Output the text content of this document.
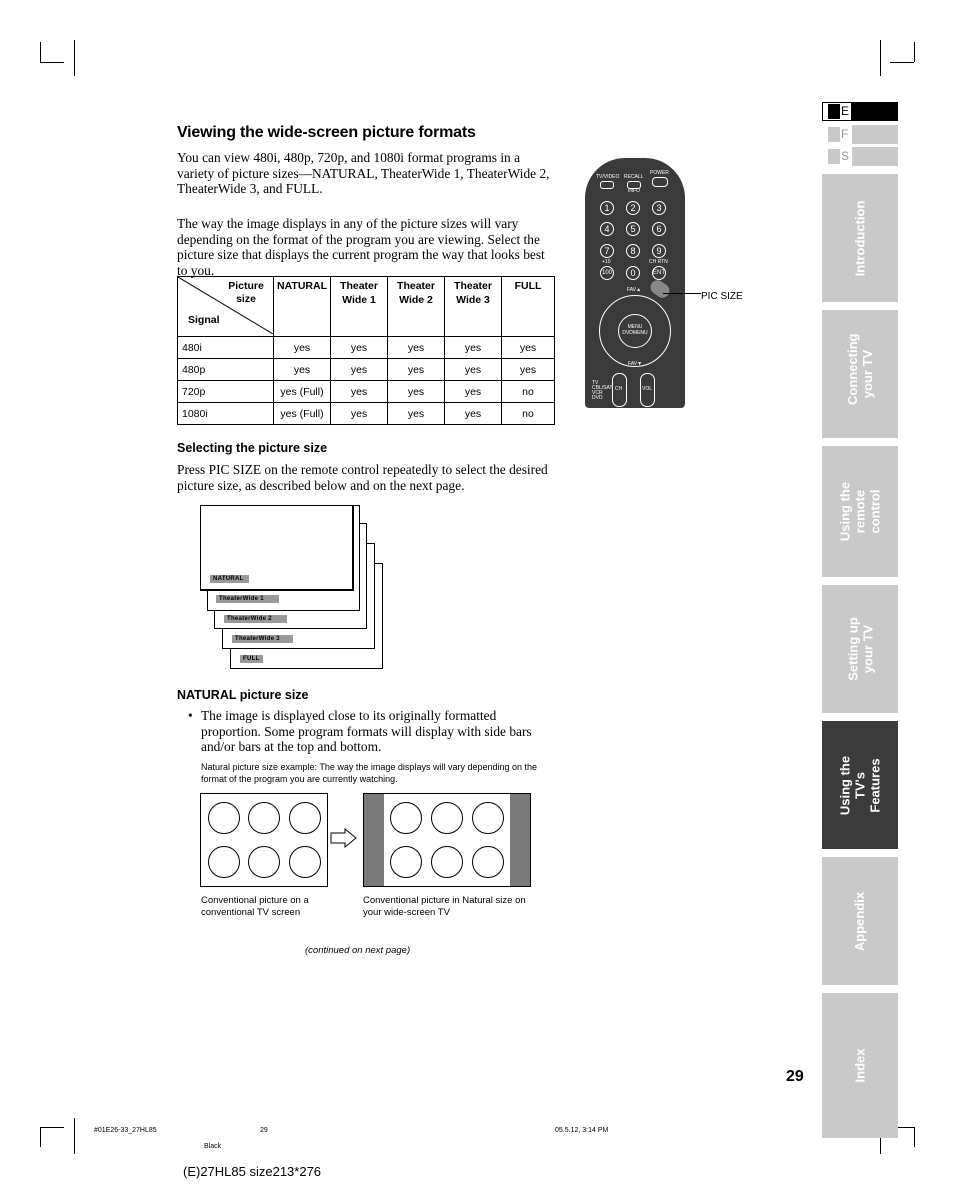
Viewing the wide-screen picture formats
You can view 480i, 480p, 720p, and 1080i format programs in a variety of picture sizes—NATURAL, TheaterWide 1, TheaterWide 2, TheaterWide 3, and FULL.
The way the image displays in any of the picture sizes will vary depending on the format of the program you are viewing. Select the picture size that displays the current program the way that looks best to you.
Picture size
Signal	NATURAL	Theater Wide 1	Theater Wide 2	Theater Wide 3	FULL
480i	yes	yes	yes	yes	yes
480p	yes	yes	yes	yes	yes
720p	yes (Full)	yes	yes	yes	no
1080i	yes (Full)	yes	yes	yes	no
TV/VIDEO RECALL
POWER
INFO
1	2	3
4	5	6
7	8	9
+10	CH RTN
100	0	ENT
FAV▲
MENU DVDMENU
FAV▼
CH	VOL
TV
CBL/SAT
VCR
DVD
PIC SIZE
Selecting the picture size
Press PIC SIZE on the remote control repeatedly to select the desired picture size, as described below and on the next page.
FULL
TheaterWide 3
TheaterWide 2
TheaterWide 1
NATURAL
NATURAL picture size
• The image is displayed close to its originally formatted proportion. Some program formats will display with side bars and/or bars at the top and bottom.
Natural picture size example: The way the image displays will vary depending on the format of the program you are currently watching.
Conventional picture on a conventional TV screen
Conventional picture in Natural size on your wide-screen TV
(continued on next page)
E
F
S
Introduction
Connecting your TV
Using the remote control
Setting up your TV
Using the TV's Features
Appendix
Index
29
#01E26-33_27HL85	29	05.5.12, 3:14 PM
Black
(E)27HL85 size213*276
